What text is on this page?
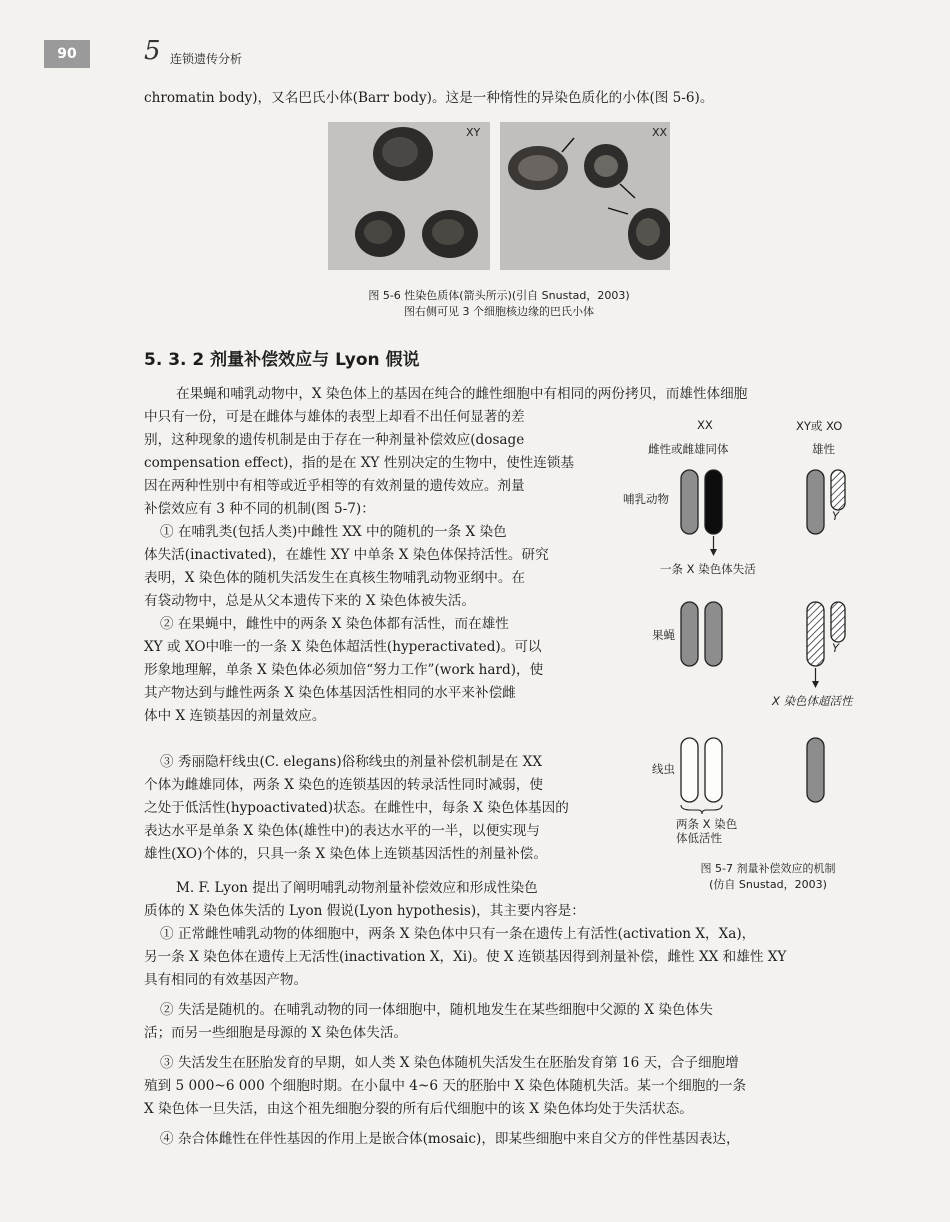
90	5 连锁遗传分析
chromatin body)，又名巴氏小体(Barr body)。这是一种惰性的异染色质化的小体(图 5-6)。
XY	XX
图 5-6 性染色质体(箭头所示)(引自 Snustad，2003)
图右侧可见 3 个细胞核边缘的巴氏小体
5. 3. 2 剂量补偿效应与 Lyon 假说
在果蝇和哺乳动物中，X 染色体上的基因在纯合的雌性细胞中有相同的两份拷贝，而雄性体细胞
中只有一份，可是在雌体与雄体的表型上却看不出任何显著的差
别，这种现象的遗传机制是由于存在一种剂量补偿效应(dosage
compensation effect)，指的是在 XY 性别决定的生物中，使性连锁基
因在两种性别中有相等或近乎相等的有效剂量的遗传效应。剂量
补偿效应有 3 种不同的机制(图 5-7)：
① 在哺乳类(包括人类)中雌性 XX 中的随机的一条 X 染色
体失活(inactivated)，在雄性 XY 中单条 X 染色体保持活性。研究
表明，X 染色体的随机失活发生在真核生物哺乳动物亚纲中。在
有袋动物中，总是从父本遗传下来的 X 染色体被失活。
② 在果蝇中，雌性中的两条 X 染色体都有活性，而在雄性
XY 或 XO中唯一的一条 X 染色体超活性(hyperactivated)。可以
形象地理解，单条 X 染色体必须加倍“努力工作”(work hard)，使
其产物达到与雌性两条 X 染色体基因活性相同的水平来补偿雌
体中 X 连锁基因的剂量效应。
③ 秀丽隐杆线虫(C. elegans)俗称线虫的剂量补偿机制是在 XX
个体为雌雄同体，两条 X 染色的连锁基因的转录活性同时减弱，使
之处于低活性(hypoactivated)状态。在雌性中，每条 X 染色体基因的
表达水平是单条 X 染色体(雄性中)的表达水平的一半，以便实现与
雄性(XO)个体的，只具一条 X 染色体上连锁基因活性的剂量补偿。
M. F. Lyon 提出了阐明哺乳动物剂量补偿效应和形成性染色
质体的 X 染色体失活的 Lyon 假说(Lyon hypothesis)，其主要内容是：
① 正常雌性哺乳动物的体细胞中，两条 X 染色体中只有一条在遗传上有活性(activation X，Xa)，
另一条 X 染色体在遗传上无活性(inactivation X，Xi)。使 X 连锁基因得到剂量补偿，雌性 XX 和雄性 XY
具有相同的有效基因产物。
② 失活是随机的。在哺乳动物的同一体细胞中，随机地发生在某些细胞中父源的 X 染色体失
活；而另一些细胞是母源的 X 染色体失活。
③ 失活发生在胚胎发育的早期，如人类 X 染色体随机失活发生在胚胎发育第 16 天，合子细胞增
殖到 5 000~6 000 个细胞时期。在小鼠中 4~6 天的胚胎中 X 染色体随机失活。某一个细胞的一条
X 染色体一旦失活，由这个祖先细胞分裂的所有后代细胞中的该 X 染色体均处于失活状态。
④ 杂合体雌性在伴性基因的作用上是嵌合体(mosaic)，即某些细胞中来自父方的伴性基因表达，
XX
雌性或雌雄同体
XY或 XO
雄性
哺乳动物
果蝇
线虫
Y
Y
一条 X 染色体失活
X 染色体超活性
两条 X 染色
体低活性
图 5-7 剂量补偿效应的机制
(仿自 Snustad，2003)
